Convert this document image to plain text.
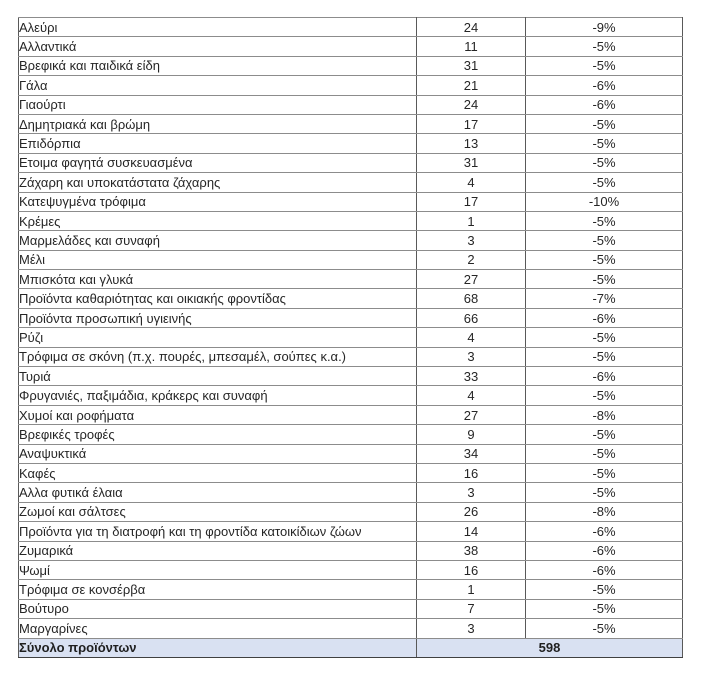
Αλεύρι	24	-9%
Αλλαντικά	11	-5%
Βρεφικά και παιδικά είδη	31	-5%
Γάλα	21	-6%
Γιαούρτι	24	-6%
Δημητριακά και βρώμη	17	-5%
Επιδόρπια	13	-5%
Ετοιμα φαγητά συσκευασμένα	31	-5%
Ζάχαρη και υποκατάστατα ζάχαρης	4	-5%
Κατεψυγμένα τρόφιμα	17	-10%
Κρέμες	1	-5%
Μαρμελάδες και συναφή	3	-5%
Μέλι	2	-5%
Μπισκότα και γλυκά	27	-5%
Προϊόντα καθαριότητας και οικιακής φροντίδας	68	-7%
Προϊόντα προσωπική υγιεινής	66	-6%
Ρύζι	4	-5%
Τρόφιμα σε σκόνη (π.χ. πουρές, μπεσαμέλ, σούπες κ.α.)	3	-5%
Τυριά	33	-6%
Φρυγανιές, παξιμάδια, κράκερς και συναφή	4	-5%
Χυμοί και ροφήματα	27	-8%
Βρεφικές τροφές	9	-5%
Αναψυκτικά	34	-5%
Καφές	16	-5%
Αλλα φυτικά έλαια	3	-5%
Ζωμοί και σάλτσες	26	-8%
Προϊόντα για τη διατροφή και τη φροντίδα κατοικίδιων ζώων	14	-6%
Ζυμαρικά	38	-6%
Ψωμί	16	-6%
Τρόφιμα σε κονσέρβα	1	-5%
Βούτυρο	7	-5%
Μαργαρίνες	3	-5%
Σύνολο προϊόντων	598	
